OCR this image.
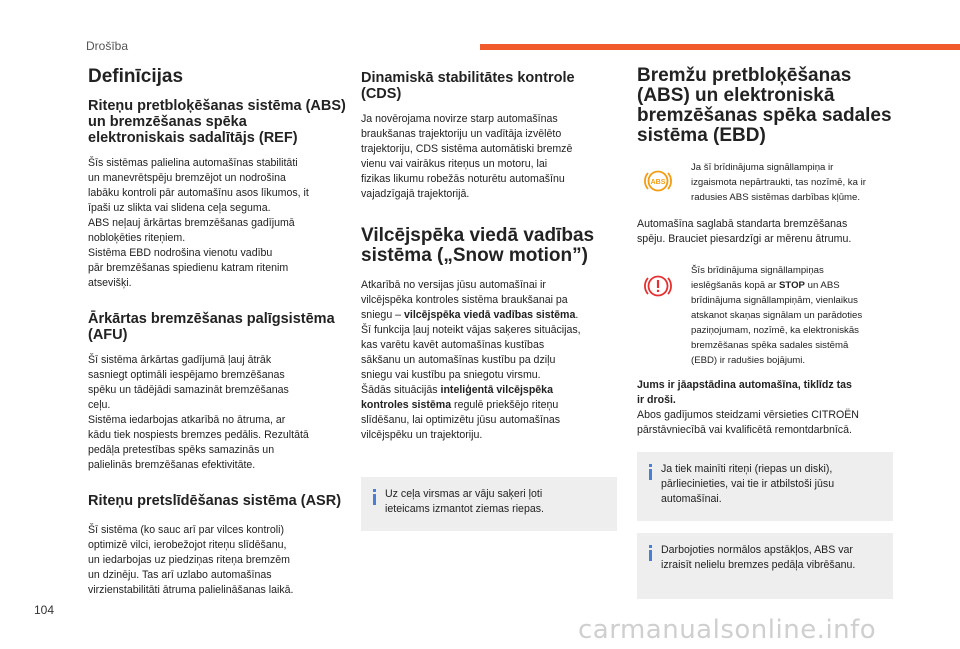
Drošība
Definīcijas
Riteņu pretbloķēšanas sistēma (ABS) un bremzēšanas spēka elektroniskais sadalītājs (REF)

Šīs sistēmas palielina automašīnas stabilitāti

un manevrētspēju bremzējot un nodrošina

labāku kontroli pār automašīnu asos līkumos, it

īpaši uz slikta vai slidena ceļa seguma.

ABS neļauj ārkārtas bremzēšanas gadījumā

nobloķēties riteņiem.

Sistēma EBD nodrošina vienotu vadību

pār bremzēšanas spiedienu katram ritenim

atsevišķi.

Ārkārtas bremzēšanas palīgsistēma (AFU)

Šī sistēma ārkārtas gadījumā ļauj ātrāk

sasniegt optimāli iespējamo bremzēšanas

spēku un tādējādi samazināt bremzēšanas

ceļu.

Sistēma iedarbojas atkarībā no ātruma, ar

kādu tiek nospiests bremzes pedālis. Rezultātā

pedāļa pretestības spēks samazinās un

palielinās bremzēšanas efektivitāte.

Riteņu pretslīdēšanas sistēma (ASR)

Šī sistēma (ko sauc arī par vilces kontroli)

optimizē vilci, ierobežojot riteņu slīdēšanu,

un iedarbojas uz piedziņas riteņa bremzēm

un dzinēju. Tas arī uzlabo automašīnas

virzienstabilitāti ātruma palielināšanas laikā.

Dinamiskā stabilitātes kontrole (CDS)

Ja novērojama novirze starp automašīnas

braukšanas trajektoriju un vadītāja izvēlēto

trajektoriju, CDS sistēma automātiski bremzē

vienu vai vairākus riteņus un motoru, lai

fizikas likumu robežās noturētu automašīnu

vajadzīgajā trajektorijā.

Vilcējspēka viedā vadības sistēma („Snow motion”)

Atkarībā no versijas jūsu automašīnai ir

vilcējspēka kontroles sistēma braukšanai pa

sniegu – vilcējspēka viedā vadības sistēma.

Šī funkcija ļauj noteikt vājas saķeres situācijas,

kas varētu kavēt automašīnas kustības

sākšanu un automašīnas kustību pa dziļu

sniegu vai kustību pa sniegotu virsmu.

Šādās situācijās inteliģentā vilcējspēka

kontroles sistēma regulē priekšējo riteņu

slīdēšanu, lai optimizētu jūsu automašīnas

vilcējspēku un trajektoriju.

Uz ceļa virsmas ar vāju saķeri ļoti

ieteicams izmantot ziemas riepas.

Bremžu pretbloķēšanas (ABS) un elektroniskā bremzēšanas spēka sadales sistēma (EBD)
ABS

Ja šī brīdinājuma signāllampiņa ir

izgaismota nepārtraukti, tas nozīmē, ka ir

radusies ABS sistēmas darbības kļūme.

Automašīna saglabā standarta bremzēšanas

spēju. Brauciet piesardzīgi ar mērenu ātrumu.

Šīs brīdinājuma signāllampiņas

ieslēgšanās kopā ar STOP un ABS

brīdinājuma signāllampiņām, vienlaikus

atskanot skaņas signālam un parādoties

paziņojumam, nozīmē, ka elektroniskās

bremzēšanas spēka sadales sistēmā

(EBD) ir radušies bojājumi.

Jums ir jāapstādina automašīna, tiklīdz tas

ir droši.

Abos gadījumos steidzami vērsieties CITROËN

pārstāvniecībā vai kvalificētā remontdarbnīcā.

Ja tiek mainīti riteņi (riepas un diski),

pārliecinieties, vai tie ir atbilstoši jūsu

automašīnai.

Darbojoties normālos apstākļos, ABS var

izraisīt nelielu bremzes pedāļa vibrēšanu.

104
carmanualsonline.info
